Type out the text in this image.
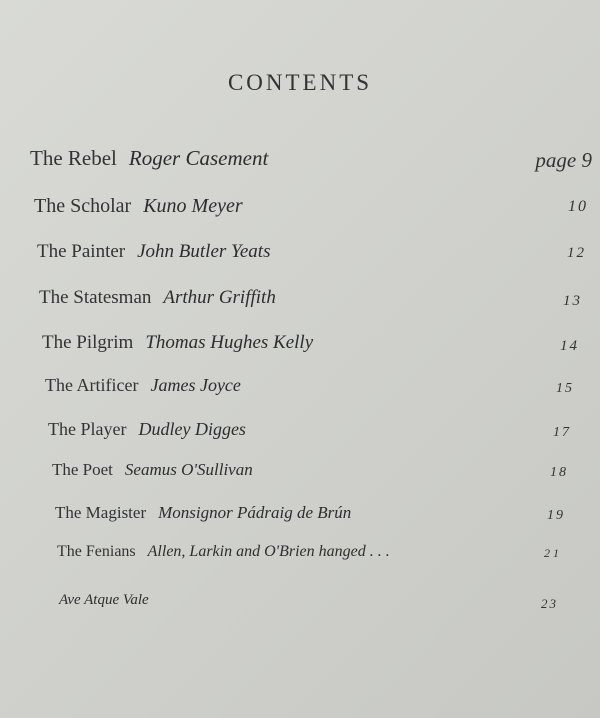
CONTENTS
The Rebel Roger Casement	page 9
The Scholar Kuno Meyer	10
The Painter John Butler Yeats	12
The Statesman Arthur Griffith	13
The Pilgrim Thomas Hughes Kelly	14
The Artificer James Joyce	15
The Player Dudley Digges	17
The Poet Seamus O'Sullivan	18
The Magister Monsignor Pádraig de Brún	19
The Fenians Allen, Larkin and O'Brien hanged . . .	21
Ave Atque Vale	23
